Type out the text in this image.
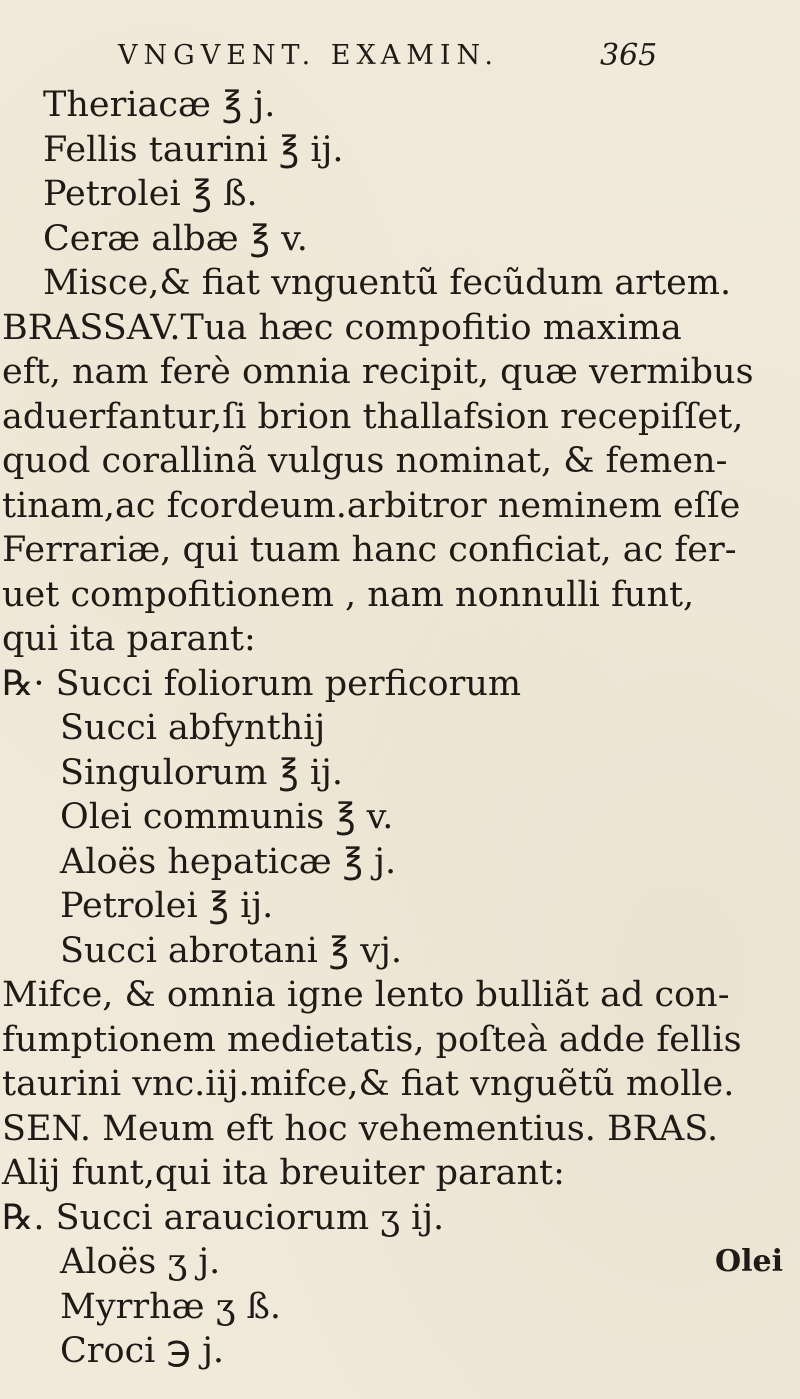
VNGVENT. EXAMIN.	365
Theriacæ ℥ j.
Fellis taurini ℥ ij.
Petrolei ℥ ß.
Ceræ albæ ℥ v.
Misce,& fiat vnguentũ fecũdum artem.
BRASSAV.Tua hæc compofitio maxima
eft, nam ferè omnia recipit, quæ vermibus
aduerfantur,ſi brion thallafsion recepiſſet,
quod corallinã vulgus nominat, & femen-
tinam,ac fcordeum.arbitror neminem eſſe
Ferrariæ, qui tuam hanc conficiat, ac fer-
uet compofitionem , nam nonnulli funt,
qui ita parant:
℞· Succi foliorum perficorum
Succi abfynthij
Singulorum ℥ ij.
Olei communis ℥ v.
Aloës hepaticæ ℥ j.
Petrolei ℥ ij.
Succi abrotani ℥ vj.
Mifce, & omnia igne lento bulliãt ad con-
fumptionem medietatis, poſteà adde fellis
taurini vnc.iij.mifce,& fiat vnguẽtũ molle.
SEN. Meum eft hoc vehementius. BRAS.
Alij funt,qui ita breuiter parant:
℞. Succi arauciorum ʒ ij.
Aloës ʒ j.
Myrrhæ ʒ ß.
Croci ℈ j.
Olei
